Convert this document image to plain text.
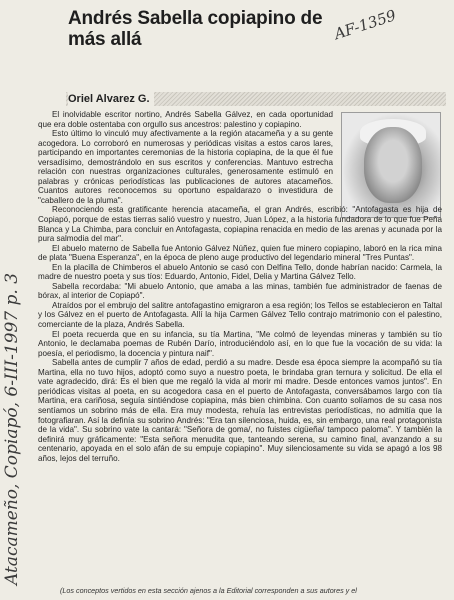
Andrés Sabella copiapino de más allá	AF-1359
Oriel Alvarez G.
Atacameño, Copiapó, 6-III-1997 p. 3

El inolvidable escritor nortino, Andrés Sabella Gálvez, en cada oportunidad que era doble ostentaba con orgullo sus ancestros: palestino y copiapino.

Esto último lo vinculó muy afectivamente a la región atacameña y a su gente acogedora. Lo corroboró en numerosas y periódicas visitas a estos caros lares, participando en importantes ceremonias de la historia copiapina, de la que él fue versadísimo, demostrándolo en sus escritos y conferencias. Mantuvo estrecha relación con nuestras organizaciones culturales, generosamente estimuló en palabras y crónicas periodísticas las publicaciones de autores atacameños. Cuantos autores reconocemos su oportuno espaldarazo o investidura de "caballero de la pluma".

Reconociendo esta gratificante herencia atacameña, el gran Andrés, escribió: "Antofagasta es hija de Copiapó, porque de estas tierras salió vuestro y nuestro, Juan López, a la historia fundadora de lo que fue Peña Blanca y La Chimba, para concluir en Antofagasta, copiapina renacida en medio de las arenas y acunada por la pura salmodia del mar".

El abuelo materno de Sabella fue Antonio Gálvez Núñez, quien fue minero copiapino, laboró en la rica mina de plata "Buena Esperanza", en la época de pleno auge productivo del legendario mineral "Tres Puntas".

En la placilla de Chimberos el abuelo Antonio se casó con Delfina Tello, donde habrían nacido: Carmela, la madre de nuestro poeta y sus tíos: Eduardo, Antonio, Fidel, Delia y Martina Gálvez Tello.

Sabella recordaba: "Mi abuelo Antonio, que amaba a las minas, también fue administrador de faenas de bórax, al interior de Copiapó".

Atraídos por el embrujo del salitre antofagastino emigraron a esa región; los Tellos se establecieron en Taltal y los Gálvez en el puerto de Antofagasta. Allí la hija Carmen Gálvez Tello contrajo matrimonio con el palestino, comerciante de la plaza, Andrés Sabella.

El poeta recuerda que en su infancia, su tía Martina, "Me colmó de leyendas mineras y también su tío Antonio, le declamaba poemas de Rubén Darío, introduciéndolo así, en lo que fue la vocación de su vida: la poesía, el periodismo, la docencia y pintura naif".

Sabella antes de cumplir 7 años de edad, perdió a su madre. Desde esa época siempre la acompañó su tía Martina, ella no tuvo hijos, adoptó como suyo a nuestro poeta, le brindaba gran ternura y solicitud. De ella el vate agradecido, dirá: Es el bien que me regaló la vida al morir mi madre. Desde entonces vamos juntos". En periódicas visitas al poeta, en su acogedora casa en el puerto de Antofagasta, conversábamos largo con tía Martina, era cariñosa, seguía sintiéndose copiapina, más bien chimbina. Con cuanto solíamos de su casa nos sentíamos un sobrino más de ella. Era muy modesta, rehuía las entrevistas periodísticas, no admitía que la fotografiaran. Así la definía su sobrino Andrés: "Era tan silenciosa, huida, es, sin embargo, una real protagonista de la vida". Su sobrino vate la cantará: "Señora de goma/, no fuistes cigüeña/ tampoco paloma". Y también la definirá muy gráficamente: "Esta señora menudita que, tanteando serena, su camino final, avanzando a su centenario, apoyada en el solo afán de su empuje copiapino". Muy silenciosamente su vida se apagó a los 98 años, lejos del terruño.

(Los conceptos vertidos en esta sección ajenos a la Editorial corresponden a sus autores y el
